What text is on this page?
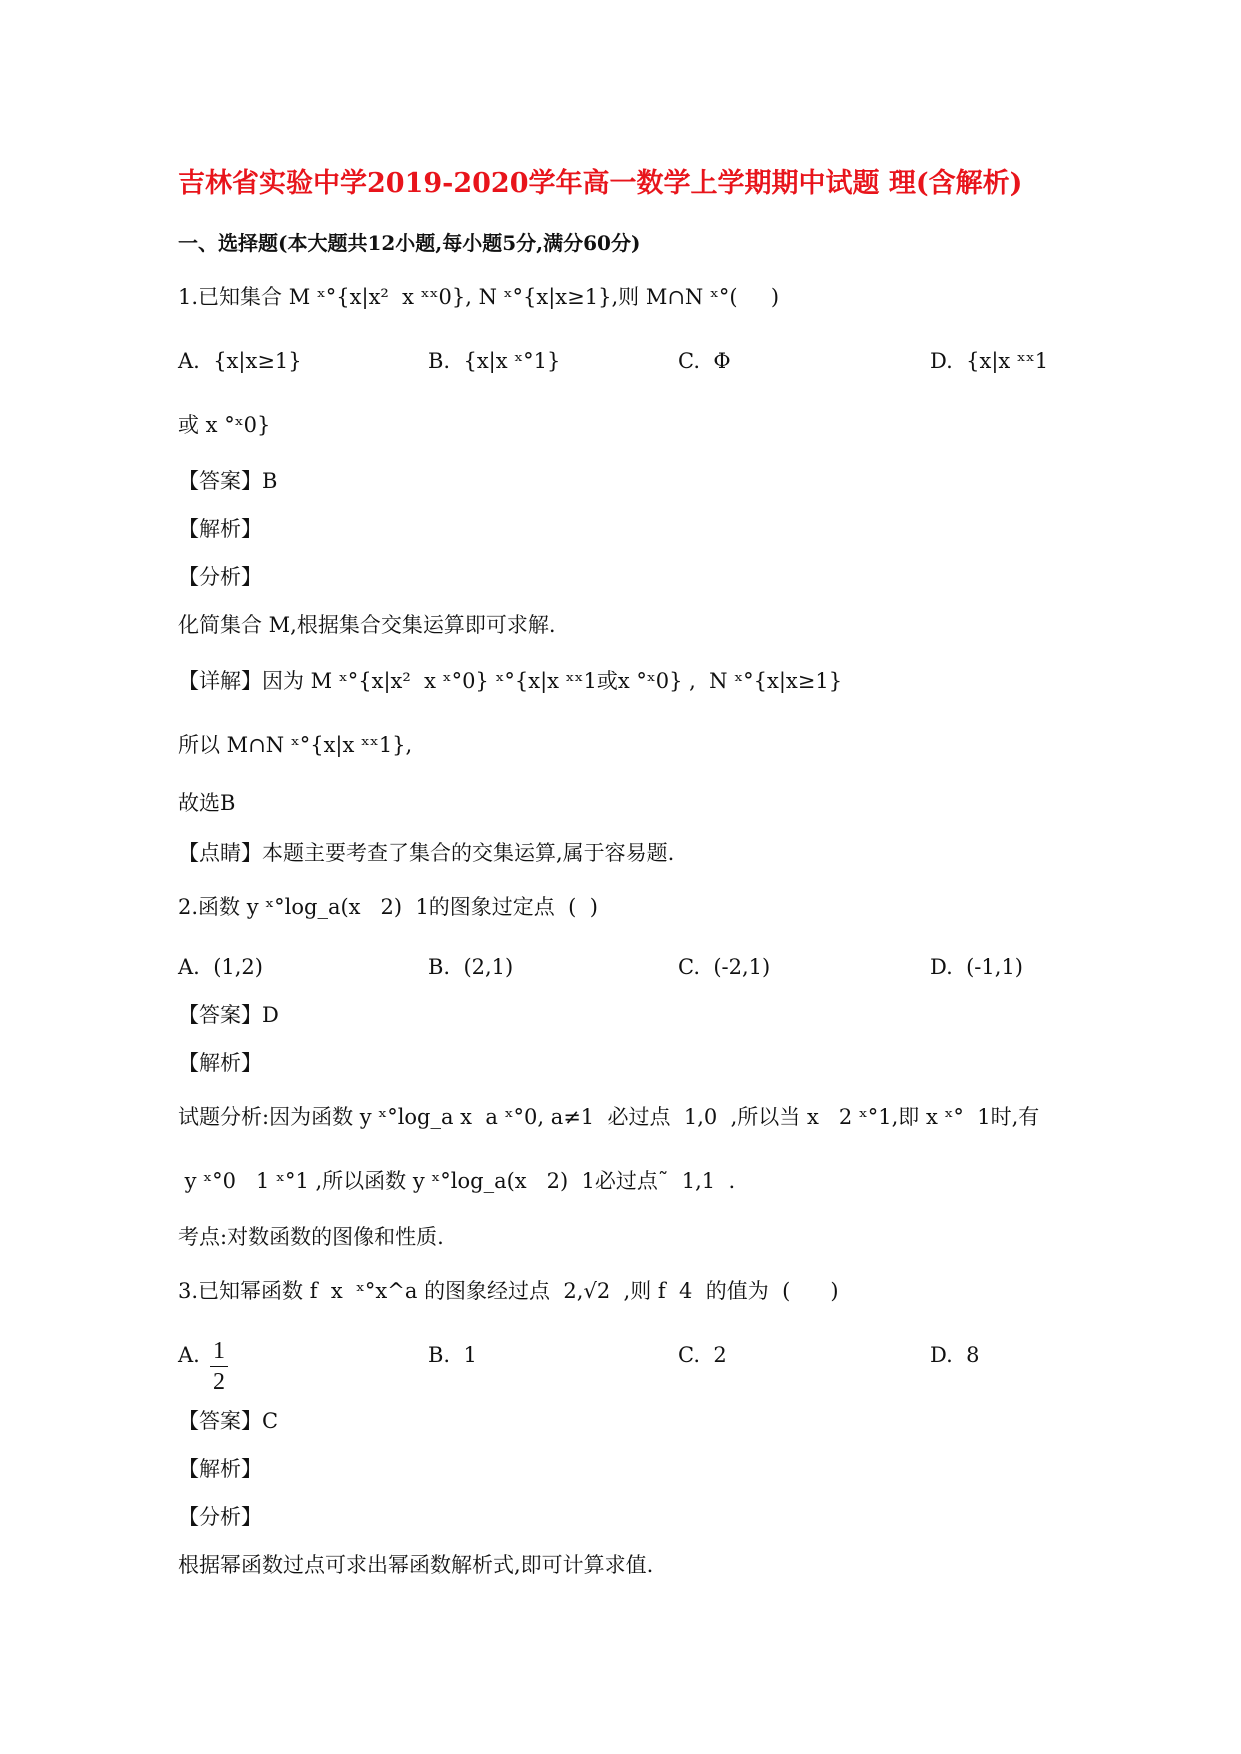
吉林省实验中学2019-2020学年高一数学上学期期中试题 理(含解析)
一、选择题(本大题共12小题,每小题5分,满分60分)
1.已知集合 M ˣ°{x|x²  x ˣˣ0}, N ˣ°{x|x≥1},则 M∩N ˣ°(     )
A.  {x|x≥1}	B.  {x|x ˣ°1}	C.  Φ	D.  {x|x ˣˣ1
或 x °ˣ0}
【答案】B
【解析】
【分析】
化简集合 M,根据集合交集运算即可求解.
【详解】因为 M ˣ°{x|x²  x ˣ°0} ˣ°{x|x ˣˣ1或x °ˣ0} ,  N ˣ°{x|x≥1}
所以 M∩N ˣ°{x|x ˣˣ1},
故选B
【点睛】本题主要考查了集合的交集运算,属于容易题.
2.函数 y ˣ°log_a(x   2)  1的图象过定点  (  )
A.  (1,2)	B.  (2,1)	C.  (-2,1)	D.  (-1,1)
【答案】D
【解析】
试题分析:因为函数 y ˣ°log_a x  a ˣ°0, a≠1  必过点  1,0  ,所以当 x   2 ˣ°1,即 x ˣ°  1时,有
y ˣ°0   1 ˣ°1 ,所以函数 y ˣ°log_a(x   2)  1必过点˜  1,1  .
考点:对数函数的图像和性质.
3.已知幂函数 f  x  ˣ°x^a 的图象经过点  2,√2  ,则 f  4  的值为  (      )
A. 1
2
B.  1	C.  2	D.  8
【答案】C
【解析】
【分析】
根据幂函数过点可求出幂函数解析式,即可计算求值.
